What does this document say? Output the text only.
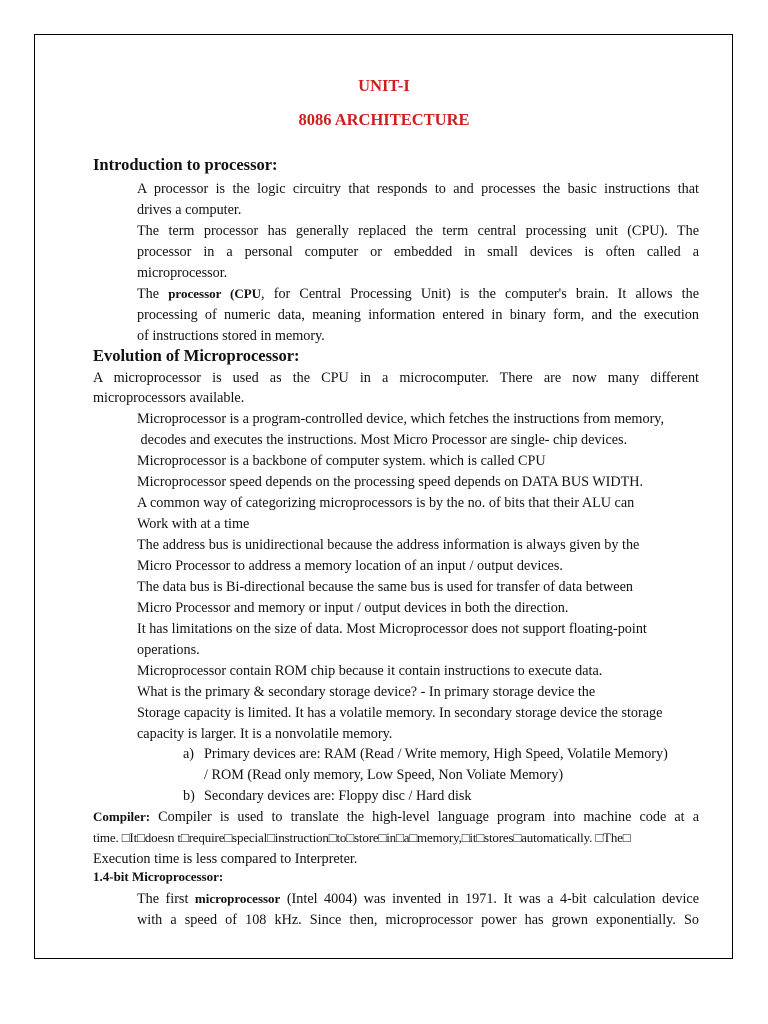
UNIT-I
8086 ARCHITECTURE
Introduction to processor:
A processor is the logic circuitry that responds to and processes the basic instructions that
drives a computer.
The term processor has generally replaced the term central processing unit (CPU). The
processor in a personal computer or embedded in small devices is often called a
microprocessor.
The processor (CPU, for Central Processing Unit) is the computer's brain. It allows the
processing of numeric data, meaning information entered in binary form, and the execution
of instructions stored in memory.
Evolution of Microprocessor:
A microprocessor is used as the CPU in a microcomputer. There are now many different
microprocessors available.
Microprocessor is a program-controlled device, which fetches the instructions from memory,
decodes and executes the instructions. Most Micro Processor are single- chip devices.
Microprocessor is a backbone of computer system. which is called CPU
Microprocessor speed depends on the processing speed depends on DATA BUS WIDTH.
A common way of categorizing microprocessors is by the no. of bits that their ALU can
Work with at a time
The address bus is unidirectional because the address information is always given by the
Micro Processor to address a memory location of an input / output devices.
The data bus is Bi-directional because the same bus is used for transfer of data between
Micro Processor and memory or input / output devices in both the direction.
It has limitations on the size of data. Most Microprocessor does not support floating-point
operations.
Microprocessor contain ROM chip because it contain instructions to execute data.
What is the primary & secondary storage device? - In primary storage device the
Storage capacity is limited. It has a volatile memory. In secondary storage device the storage
capacity is larger. It is a nonvolatile memory.
a) Primary devices are: RAM (Read / Write memory, High Speed, Volatile Memory)
/ ROM (Read only memory, Low Speed, Non Voliate Memory)
b) Secondary devices are: Floppy disc / Hard disk
Compiler: Compiler is used to translate the high-level language program into machine code at a
time. □It□doesn t□require□special□instruction□to□store□in□a□memory,□it□stores□automatically. □The□
Execution time is less compared to Interpreter.
1.4-bit Microprocessor:
The first microprocessor (Intel 4004) was invented in 1971. It was a 4-bit calculation device
with a speed of 108 kHz. Since then, microprocessor power has grown exponentially. So
